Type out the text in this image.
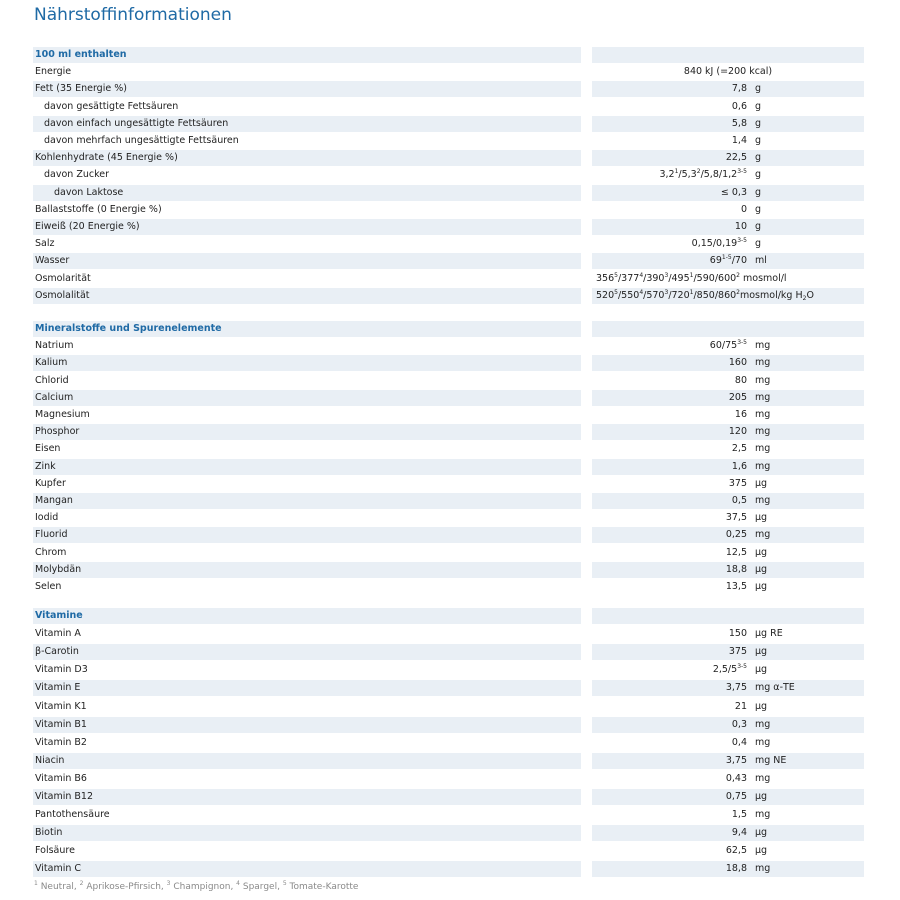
Nährstoffinformationen
100 ml enthalten
Energie	840 kJ (=200 kcal)
Fett (35 Energie %)	7,8 g
davon gesättigte Fettsäuren	0,6 g
davon einfach ungesättigte Fettsäuren	5,8 g
davon mehrfach ungesättigte Fettsäuren	1,4 g
Kohlenhydrate (45 Energie %)	22,5 g
davon Zucker	$3,2^1/5,3^2/5,8/1,2^{3-5}$ g
davon Laktose	≤ 0,3 g
Ballaststoffe (0 Energie %)	0 g
Eiweiß (20 Energie %)	10 g
Salz	0,15/0,19$^{3-5}$ g
Wasser	69$^{1-5}$/70 ml
Osmolarität	$356^5/377^4/390^3/495^1/590/600^2$ mosmol/l
Osmolalität	$520^5/550^4/570^3/720^1/850/860^2mosmol/kg$ $H_2O$
Mineralstoffe und Spurenelemente
Natrium	60/75$^{3-5}$ mg
Kalium	160 mg
Chlorid	80 mg
Calcium	205 mg
Magnesium	16 mg
Phosphor	120 mg
Eisen	2,5 mg
Zink	1,6 mg
Kupfer	375 µg
Mangan	0,5 mg
Iodid	37,5 µg
Fluorid	0,25 mg
Chrom	12,5 µg
Molybdän	18,8 µg
Selen	13,5 µg
Vitamine
Vitamin A	150 µg RE
β-Carotin	375 µg
Vitamin D3	2,5/5$^{3-5}$ µg
Vitamin E	3,75 mg α-TE
Vitamin K1	21 µg
Vitamin B1	0,3 mg
Vitamin B2	0,4 mg
Niacin	3,75 mg NE
Vitamin B6	0,43 mg
Vitamin B12	0,75 µg
Pantothensäure	1,5 mg
Biotin	9,4 µg
Folsäure	62,5 µg
Vitamin C	18,8 mg
$^1$ Neutral, $^2$ Aprikose-Pfirsich, $^3$ Champignon, $^4$ Spargel, $^5$ Tomate-Karotte
